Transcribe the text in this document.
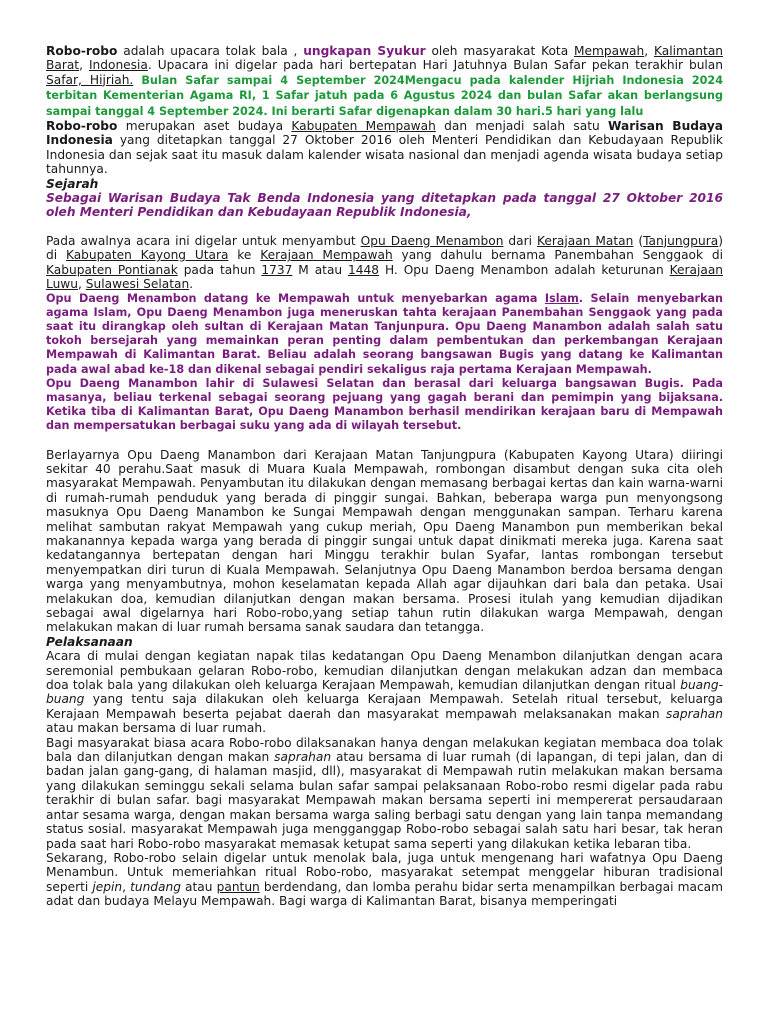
Robo-robo adalah upacara tolak bala , ungkapan Syukur oleh masyarakat Kota Mempawah, Kalimantan Barat, Indonesia. Upacara ini digelar pada hari bertepatan Hari Jatuhnya Bulan Safar pekan terakhir bulan Safar, Hijriah. Bulan Safar sampai 4 September 2024Mengacu pada kalender Hijriah Indonesia 2024 terbitan Kementerian Agama RI, 1 Safar jatuh pada 6 Agustus 2024 dan bulan Safar akan berlangsung sampai tanggal 4 September 2024. Ini berarti Safar digenapkan dalam 30 hari.5 hari yang lalu

Robo-robo merupakan aset budaya Kabupaten Mempawah dan menjadi salah satu Warisan Budaya Indonesia yang ditetapkan tanggal 27 Oktober 2016 oleh Menteri Pendidikan dan Kebudayaan Republik Indonesia dan sejak saat itu masuk dalam kalender wisata nasional dan menjadi agenda wisata budaya setiap tahunnya.

Sejarah

Sebagai Warisan Budaya Tak Benda Indonesia yang ditetapkan pada tanggal 27 Oktober 2016 oleh Menteri Pendidikan dan Kebudayaan Republik Indonesia,

Pada awalnya acara ini digelar untuk menyambut Opu Daeng Menambon dari Kerajaan Matan (Tanjungpura) di Kabupaten Kayong Utara ke Kerajaan Mempawah yang dahulu bernama Panembahan Senggaok di Kabupaten Pontianak pada tahun 1737 M atau 1448 H. Opu Daeng Menambon adalah keturunan Kerajaan Luwu, Sulawesi Selatan.

Opu Daeng Menambon datang ke Mempawah untuk menyebarkan agama Islam. Selain menyebarkan agama Islam, Opu Daeng Menambon juga meneruskan tahta kerajaan Panembahan Senggaok yang pada saat itu dirangkap oleh sultan di Kerajaan Matan Tanjunpura. Opu Daeng Manambon adalah salah satu tokoh bersejarah yang memainkan peran penting dalam pembentukan dan perkembangan Kerajaan Mempawah di Kalimantan Barat. Beliau adalah seorang bangsawan Bugis yang datang ke Kalimantan pada awal abad ke-18 dan dikenal sebagai pendiri sekaligus raja pertama Kerajaan Mempawah.

Opu Daeng Manambon lahir di Sulawesi Selatan dan berasal dari keluarga bangsawan Bugis. Pada masanya, beliau terkenal sebagai seorang pejuang yang gagah berani dan pemimpin yang bijaksana. Ketika tiba di Kalimantan Barat, Opu Daeng Manambon berhasil mendirikan kerajaan baru di Mempawah dan mempersatukan berbagai suku yang ada di wilayah tersebut.

Berlayarnya Opu Daeng Manambon dari Kerajaan Matan Tanjungpura (Kabupaten Kayong Utara) diiringi sekitar 40 perahu.Saat masuk di Muara Kuala Mempawah, rombongan disambut dengan suka cita oleh masyarakat Mempawah. Penyambutan itu dilakukan dengan memasang berbagai kertas dan kain warna-warni di rumah-rumah penduduk yang berada di pinggir sungai. Bahkan, beberapa warga pun menyongsong masuknya Opu Daeng Manambon ke Sungai Mempawah dengan menggunakan sampan. Terharu karena melihat sambutan rakyat Mempawah yang cukup meriah, Opu Daeng Manambon pun memberikan bekal makanannya kepada warga yang berada di pinggir sungai untuk dapat dinikmati mereka juga. Karena saat kedatangannya bertepatan dengan hari Minggu terakhir bulan Syafar, lantas rombongan tersebut menyempatkan diri turun di Kuala Mempawah. Selanjutnya Opu Daeng Manambon berdoa bersama dengan warga yang menyambutnya, mohon keselamatan kepada Allah agar dijauhkan dari bala dan petaka. Usai melakukan doa, kemudian dilanjutkan dengan makan bersama. Prosesi itulah yang kemudian dijadikan sebagai awal digelarnya hari Robo-robo,yang setiap tahun rutin dilakukan warga Mempawah, dengan melakukan makan di luar rumah bersama sanak saudara dan tetangga.

Pelaksanaan

Acara di mulai dengan kegiatan napak tilas kedatangan Opu Daeng Menambon dilanjutkan dengan acara seremonial pembukaan gelaran Robo-robo, kemudian dilanjutkan dengan melakukan adzan dan membaca doa tolak bala yang dilakukan oleh keluarga Kerajaan Mempawah, kemudian dilanjutkan dengan ritual buang-buang yang tentu saja dilakukan oleh keluarga Kerajaan Mempawah. Setelah ritual tersebut, keluarga Kerajaan Mempawah beserta pejabat daerah dan masyarakat mempawah melaksanakan makan saprahan atau makan bersama di luar rumah.

Bagi masyarakat biasa acara Robo-robo dilaksanakan hanya dengan melakukan kegiatan membaca doa tolak bala dan dilanjutkan dengan makan saprahan atau bersama di luar rumah (di lapangan, di tepi jalan, dan di badan jalan gang-gang, di halaman masjid, dll), masyarakat di Mempawah rutin melakukan makan bersama yang dilakukan seminggu sekali selama bulan safar sampai pelaksanaan Robo-robo resmi digelar pada rabu terakhir di bulan safar. bagi masyarakat Mempawah makan bersama seperti ini mempererat persaudaraan antar sesama warga, dengan makan bersama warga saling berbagi satu dengan yang lain tanpa memandang status sosial. masyarakat Mempawah juga mengganggap Robo-robo sebagai salah satu hari besar, tak heran pada saat hari Robo-robo masyarakat memasak ketupat sama seperti yang dilakukan ketika lebaran tiba.

Sekarang, Robo-robo selain digelar untuk menolak bala, juga untuk mengenang hari wafatnya Opu Daeng Menambun. Untuk memeriahkan ritual Robo-robo, masyarakat setempat menggelar hiburan tradisional seperti jepin, tundang atau pantun berdendang, dan lomba perahu bidar serta menampilkan berbagai macam adat dan budaya Melayu Mempawah. Bagi warga di Kalimantan Barat, bisanya memperingati
